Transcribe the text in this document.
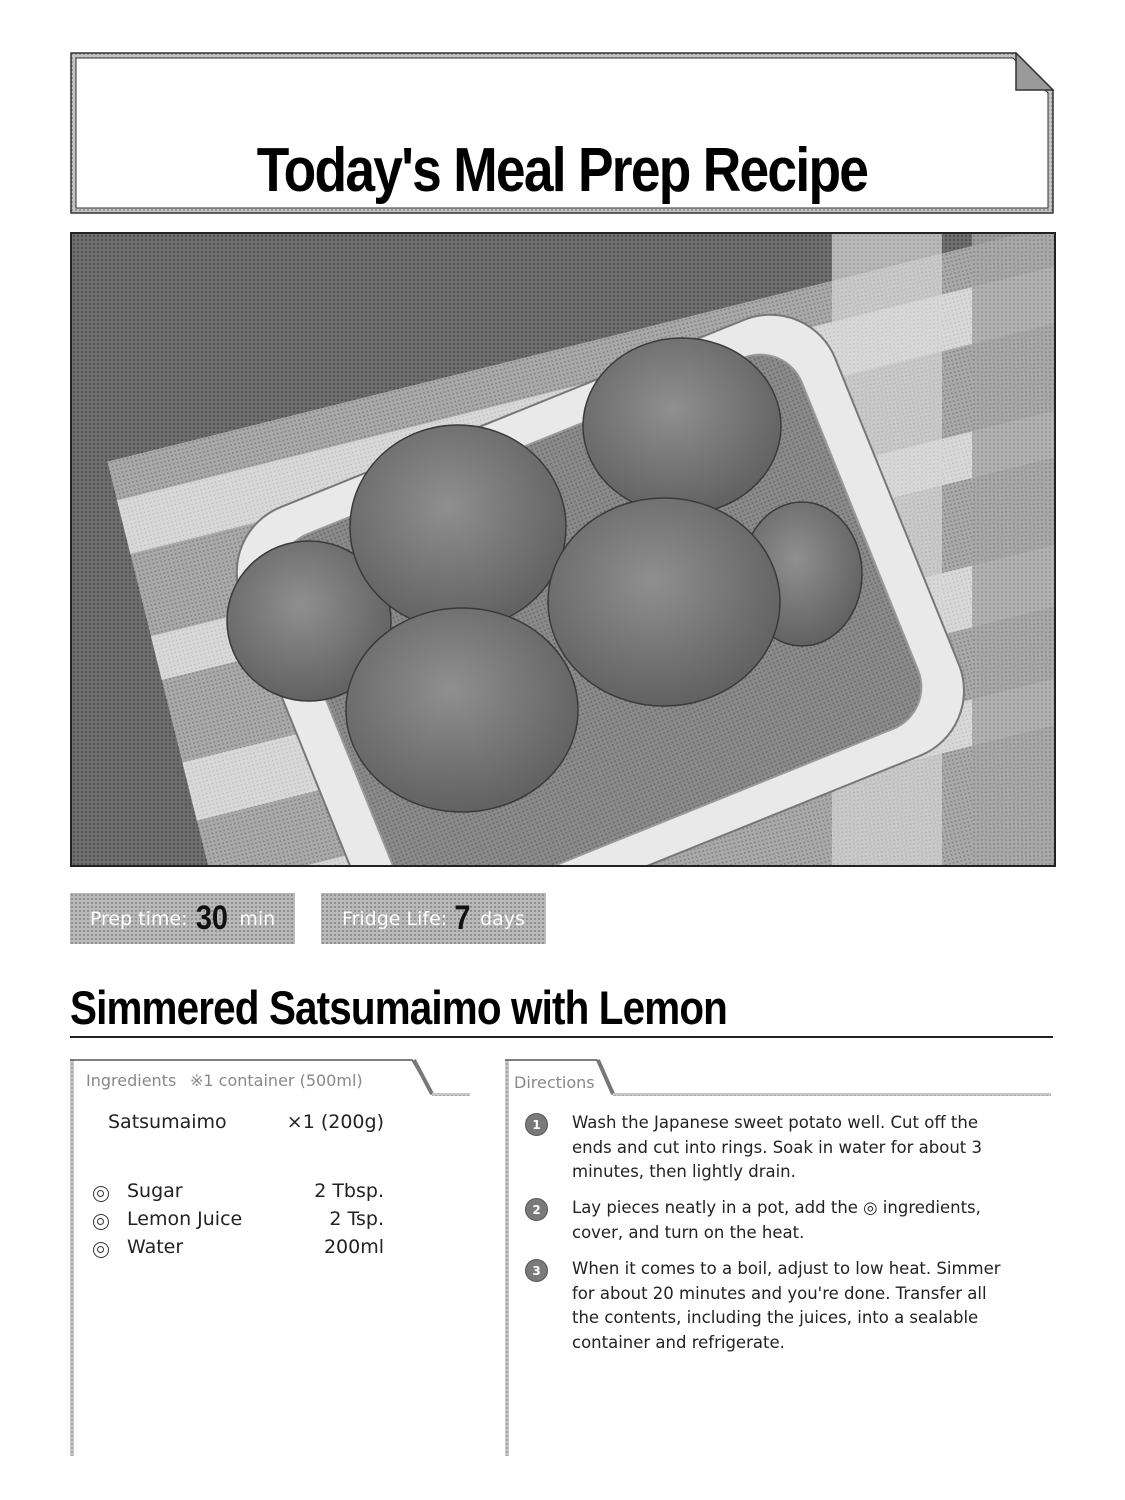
Today's Meal Prep Recipe
Prep time: 30 min	Fridge Life: 7 days
Simmered Satsumaimo with Lemon
Ingredients ※1 container (500ml)
Satsumaimo	×1 (200g)
Sugar	2 Tbsp.
Lemon Juice	2 Tsp.
Water	200ml
Directions
1	Wash the Japanese sweet potato well. Cut off the ends and cut into rings. Soak in water for about 3 minutes, then lightly drain.
2	Lay pieces neatly in a pot, add the ◎ ingredients, cover, and turn on the heat.
3	When it comes to a boil, adjust to low heat. Simmer for about 20 minutes and you're done. Transfer all the contents, including the juices, into a sealable container and refrigerate.
